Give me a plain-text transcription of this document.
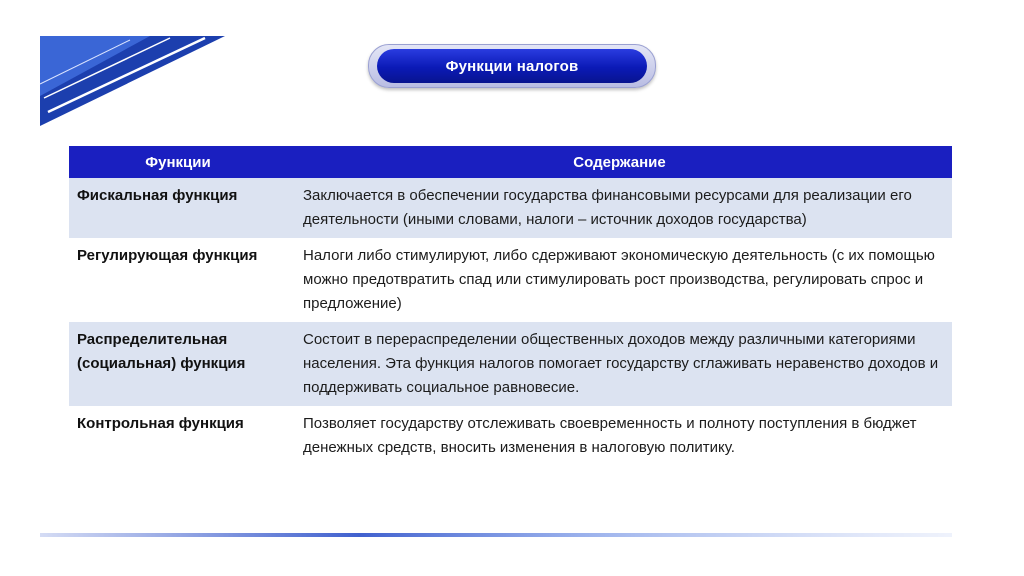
Функции налогов
Функции	Содержание
Фискальная функция	Заключается в обеспечении государства финансовыми ресурсами для реализации его деятельности (иными словами, налоги – источник доходов государства)
Регулирующая функция	Налоги либо стимулируют, либо сдерживают экономическую деятельность (с их помощью можно предотвратить спад или стимулировать рост производства, регулировать спрос и предложение)
Распределительная (социальная) функция	Состоит в перераспределении общественных доходов между различными категориями населения. Эта функция налогов помогает государству сглаживать неравенство доходов и поддерживать социальное равновесие.
Контрольная функция	Позволяет государству отслеживать своевременность и полноту поступления в бюджет денежных средств, вносить изменения в налоговую политику.
